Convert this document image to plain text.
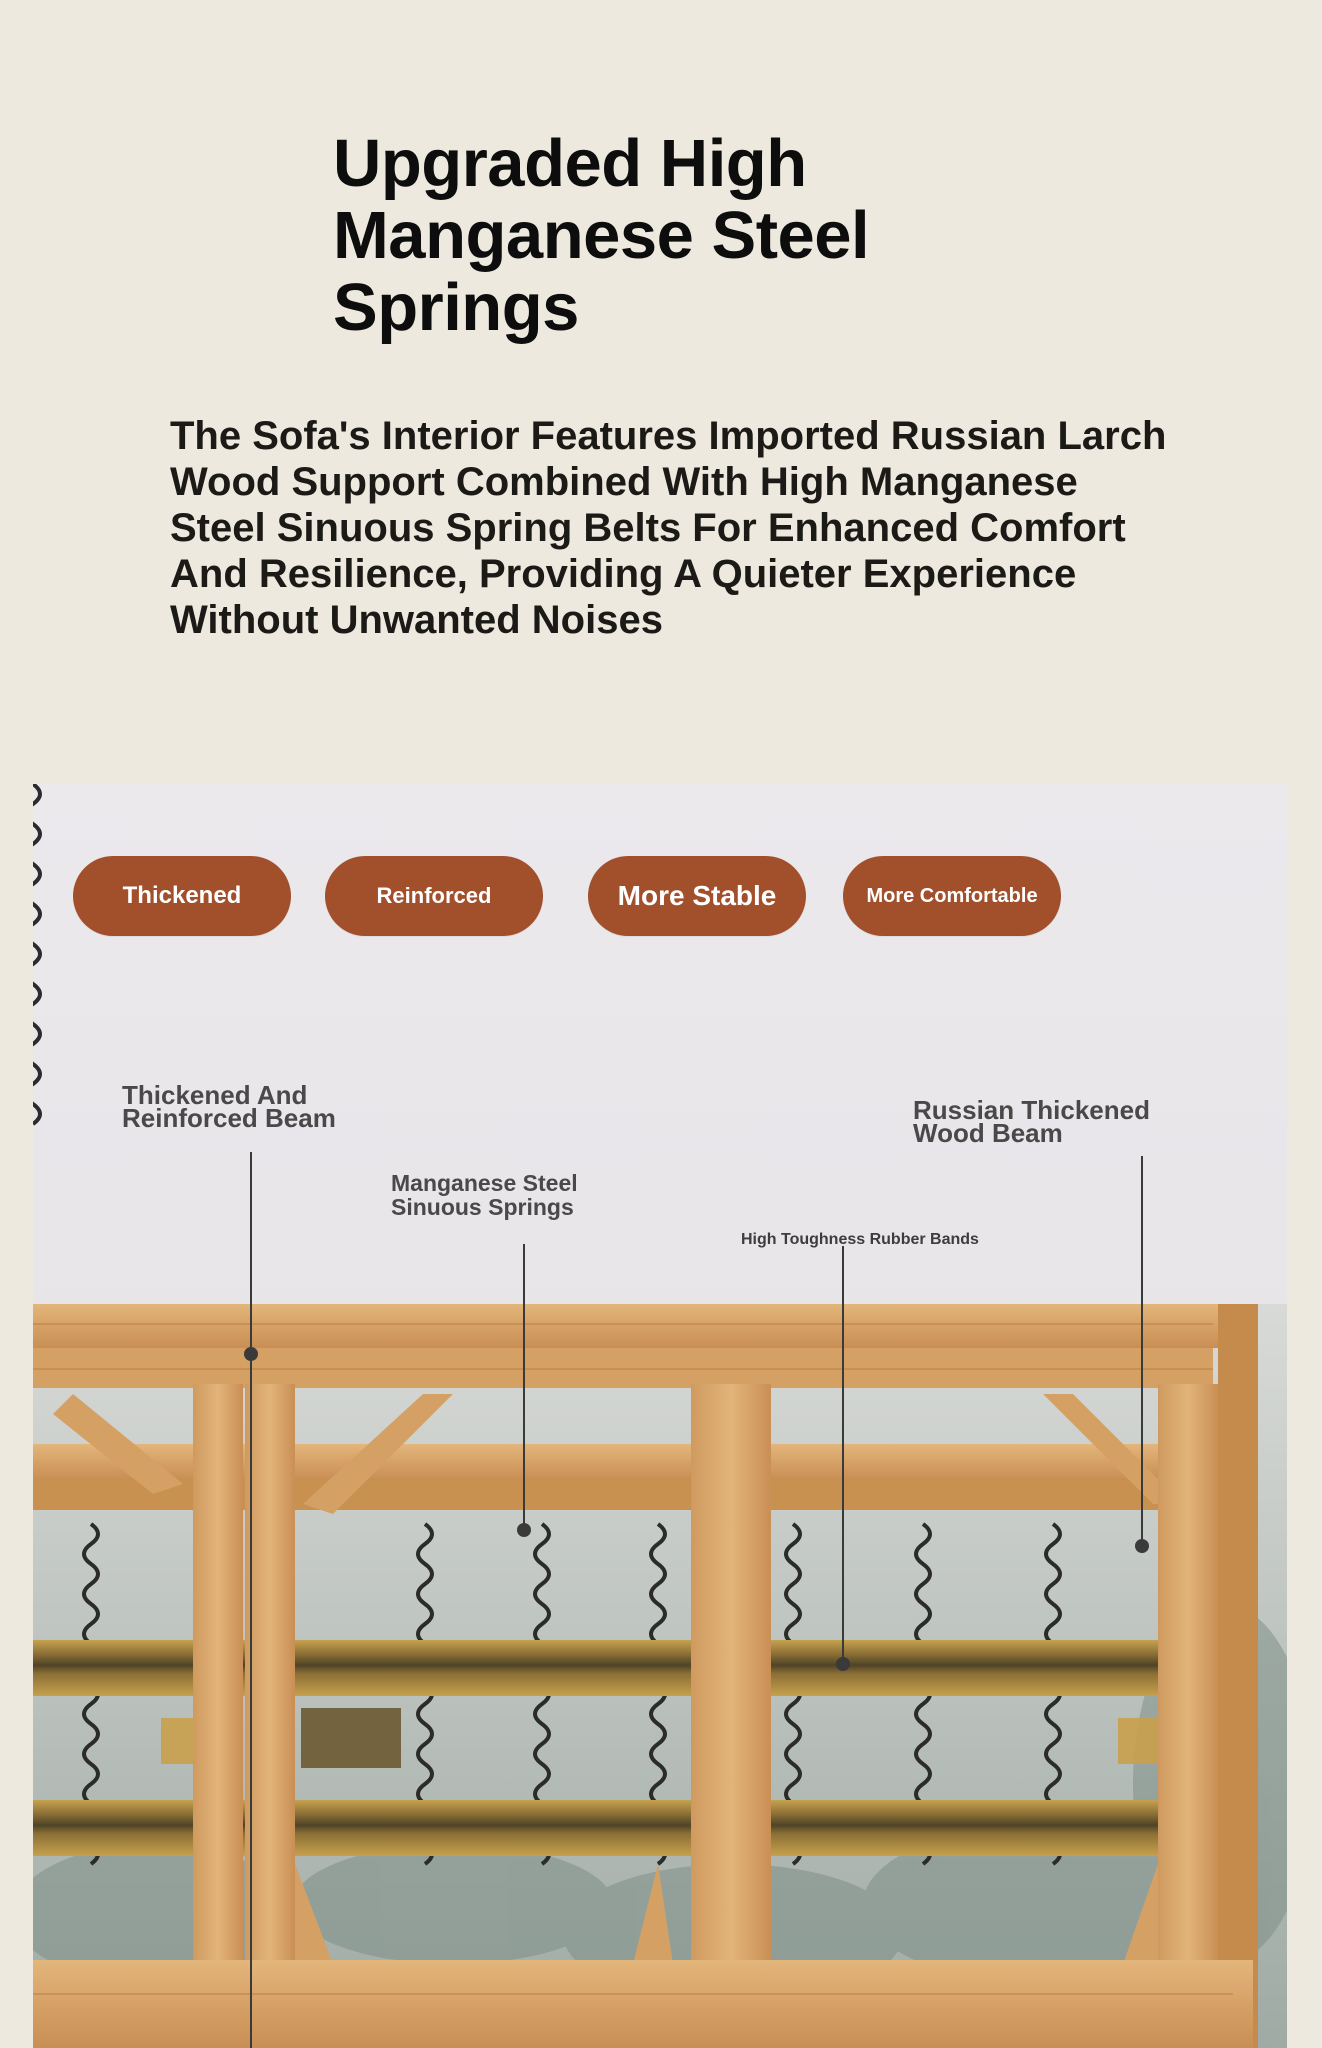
Upgraded High Manganese Steel Springs

The Sofa's Interior Features Imported Russian Larch Wood Support Combined With High Manganese Steel Sinuous Spring Belts For Enhanced Comfort And Resilience, Providing A Quieter Experience Without Unwanted Noises

Thickened	Reinforced	More Stable	More Comfortable

Thickened And Reinforced Beam

Manganese Steel Sinuous Springs

High Toughness Rubber Bands

Russian Thickened Wood Beam
